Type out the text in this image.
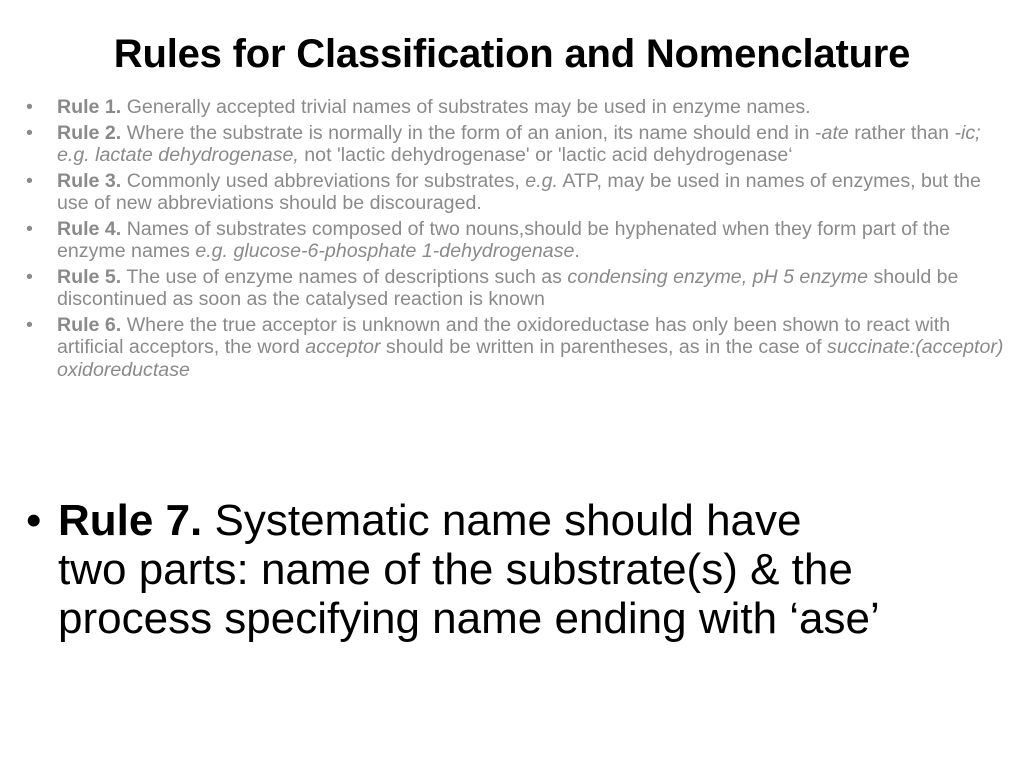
Rules for Classification and Nomenclature
• Rule 1. Generally accepted trivial names of substrates may be used in enzyme names.
• Rule 2. Where the substrate is normally in the form of an anion, its name should end in -ate rather than -ic; e.g. lactate dehydrogenase, not 'lactic dehydrogenase' or 'lactic acid dehydrogenase‘
• Rule 3. Commonly used abbreviations for substrates, e.g. ATP, may be used in names of enzymes, but the use of new abbreviations should be discouraged.
• Rule 4. Names of substrates composed of two nouns,should be hyphenated when they form part of the enzyme names e.g. glucose-6-phosphate 1-dehydrogenase.
• Rule 5. The use of enzyme names of descriptions such as condensing enzyme, pH 5 enzyme should be discontinued as soon as the catalysed reaction is known
• Rule 6. Where the true acceptor is unknown and the oxidoreductase has only been shown to react with artificial acceptors, the word acceptor should be written in parentheses, as in the case of succinate:(acceptor) oxidoreductase
• Rule 7. Systematic name should have
two parts: name of the substrate(s) & the
process specifying name ending with ‘ase’
